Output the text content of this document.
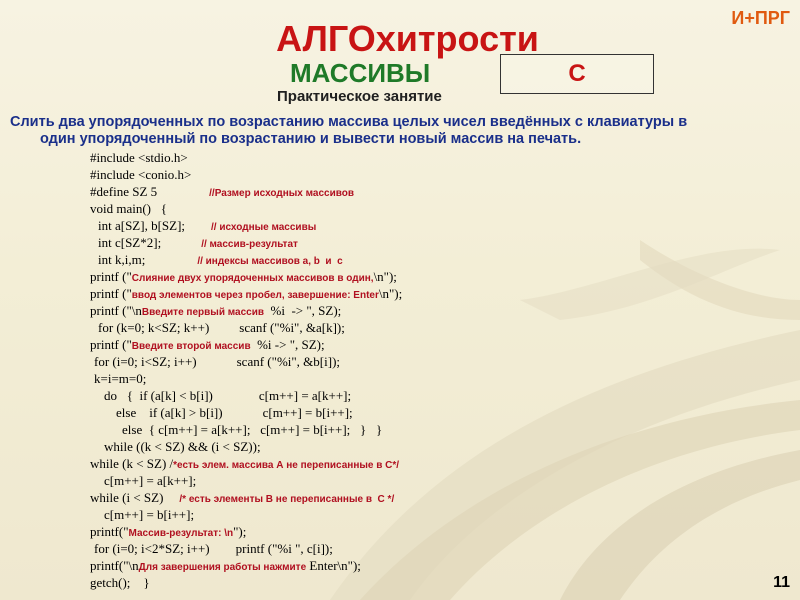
И+ПРГ
АЛГОхитрости
МАССИВЫ	C
Практическое занятие
Слить два упорядоченных по возрастанию массива целых чисел введённых с клавиатуры в
один упорядоченный по возрастанию и вывести новый массив на печать.
#include <stdio.h>
#include <conio.h>
#define SZ 5	//Размер исходных массивов
void main()   {
int a[SZ], b[SZ];	// исходные массивы
int c[SZ*2];	// массив-результат
int k,i,m;	// индексы массивов a, b  и  c
printf ("Слияние двух упорядоченных массивов в один,\n");
printf ("ввод элементов через пробел, завершение: Enter\n");
printf ("\nВведите первый массив  %i  -> ", SZ);
for (k=0; k<SZ; k++) scanf ("%i", &a[k]);
printf ("Введите второй массив  %i -> ", SZ);
for (i=0; i<SZ; i++)	scanf ("%i", &b[i]);
k=i=m=0;
do   {  if (a[k] < b[i])	c[m++] = a[k++];
else    if (a[k] > b[i])	c[m++] = b[i++];
else  { c[m++] = a[k++];   c[m++] = b[i++];   }   }
while ((k < SZ) && (i < SZ));
while (k < SZ) /*есть элем. массива А не переписанные в С*/
c[m++] = a[k++];
while (i < SZ) /* есть элементы В не переписанные в  С */
c[m++] = b[i++];
printf("Массив-результат: \n");
for (i=0; i<2*SZ; i++) printf ("%i ", c[i]);
printf("\nДля завершения работы нажмите Enter\n");
getch();    }	11
